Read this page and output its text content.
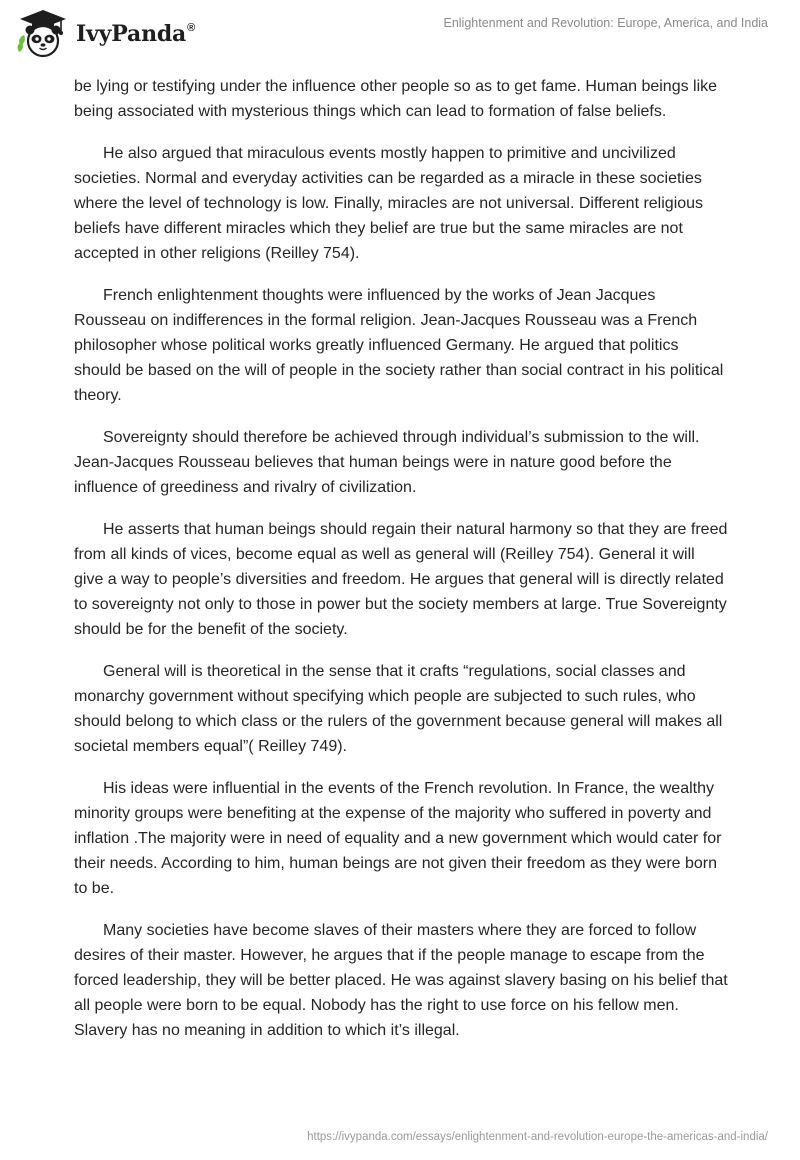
IvyPanda®	Enlightenment and Revolution: Europe, America, and India

be lying or testifying under the influence other people so as to get fame. Human beings like being associated with mysterious things which can lead to formation of false beliefs.

He also argued that miraculous events mostly happen to primitive and uncivilized societies. Normal and everyday activities can be regarded as a miracle in these societies where the level of technology is low. Finally, miracles are not universal. Different religious beliefs have different miracles which they belief are true but the same miracles are not accepted in other religions (Reilley 754).

French enlightenment thoughts were influenced by the works of Jean Jacques Rousseau on indifferences in the formal religion. Jean-Jacques Rousseau was a French philosopher whose political works greatly influenced Germany. He argued that politics should be based on the will of people in the society rather than social contract in his political theory.

Sovereignty should therefore be achieved through individual’s submission to the will. Jean-Jacques Rousseau believes that human beings were in nature good before the influence of greediness and rivalry of civilization.

He asserts that human beings should regain their natural harmony so that they are freed from all kinds of vices, become equal as well as general will (Reilley 754). General it will give a way to people’s diversities and freedom. He argues that general will is directly related to sovereignty not only to those in power but the society members at large. True Sovereignty should be for the benefit of the society.

General will is theoretical in the sense that it crafts “regulations, social classes and monarchy government without specifying which people are subjected to such rules, who should belong to which class or the rulers of the government because general will makes all societal members equal”( Reilley 749).

His ideas were influential in the events of the French revolution. In France, the wealthy minority groups were benefiting at the expense of the majority who suffered in poverty and inflation .The majority were in need of equality and a new government which would cater for their needs. According to him, human beings are not given their freedom as they were born to be.

Many societies have become slaves of their masters where they are forced to follow desires of their master. However, he argues that if the people manage to escape from the forced leadership, they will be better placed. He was against slavery basing on his belief that all people were born to be equal. Nobody has the right to use force on his fellow men. Slavery has no meaning in addition to which it’s illegal.

https://ivypanda.com/essays/enlightenment-and-revolution-europe-the-americas-and-india/
